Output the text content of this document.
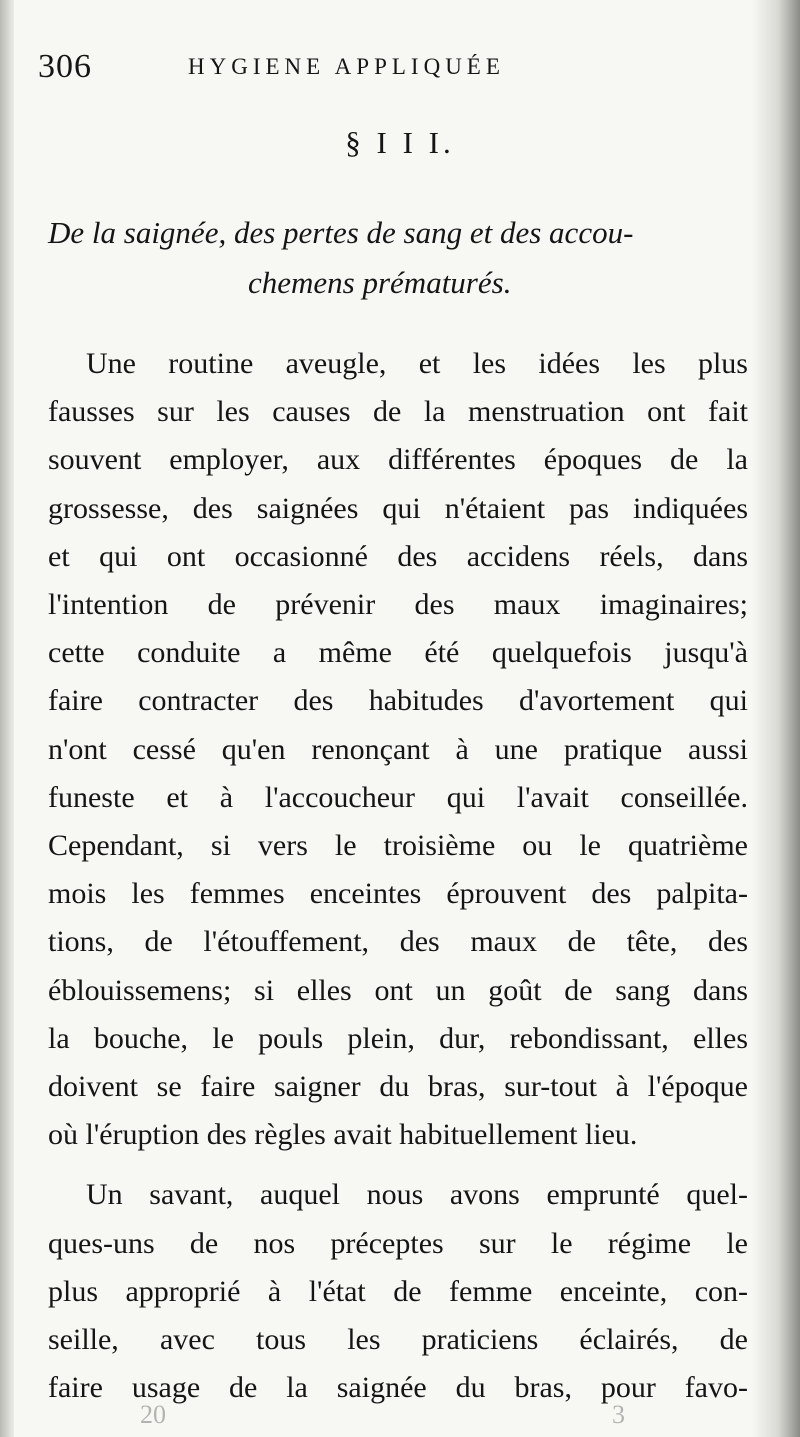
306	HYGIENE APPLIQUÉE
§ I I I.
De la saignée, des pertes de sang et des accou-
chemens prématurés.
Une routine aveugle, et les idées les plus
fausses sur les causes de la menstruation ont fait
souvent employer, aux différentes époques de la
grossesse, des saignées qui n'étaient pas indiquées
et qui ont occasionné des accidens réels, dans
l'intention de prévenir des maux imaginaires;
cette conduite a même été quelquefois jusqu'à
faire contracter des habitudes d'avortement qui
n'ont cessé qu'en renonçant à une pratique aussi
funeste et à l'accoucheur qui l'avait conseillée.
Cependant, si vers le troisième ou le quatrième
mois les femmes enceintes éprouvent des palpita-
tions, de l'étouffement, des maux de tête, des
éblouissemens; si elles ont un goût de sang dans
la bouche, le pouls plein, dur, rebondissant, elles
doivent se faire saigner du bras, sur-tout à l'époque
où l'éruption des règles avait habituellement lieu.
Un savant, auquel nous avons emprunté quel-
ques-uns de nos préceptes sur le régime le
plus approprié à l'état de femme enceinte, con-
seille, avec tous les praticiens éclairés, de
faire usage de la saignée du bras, pour favo-
20	3
